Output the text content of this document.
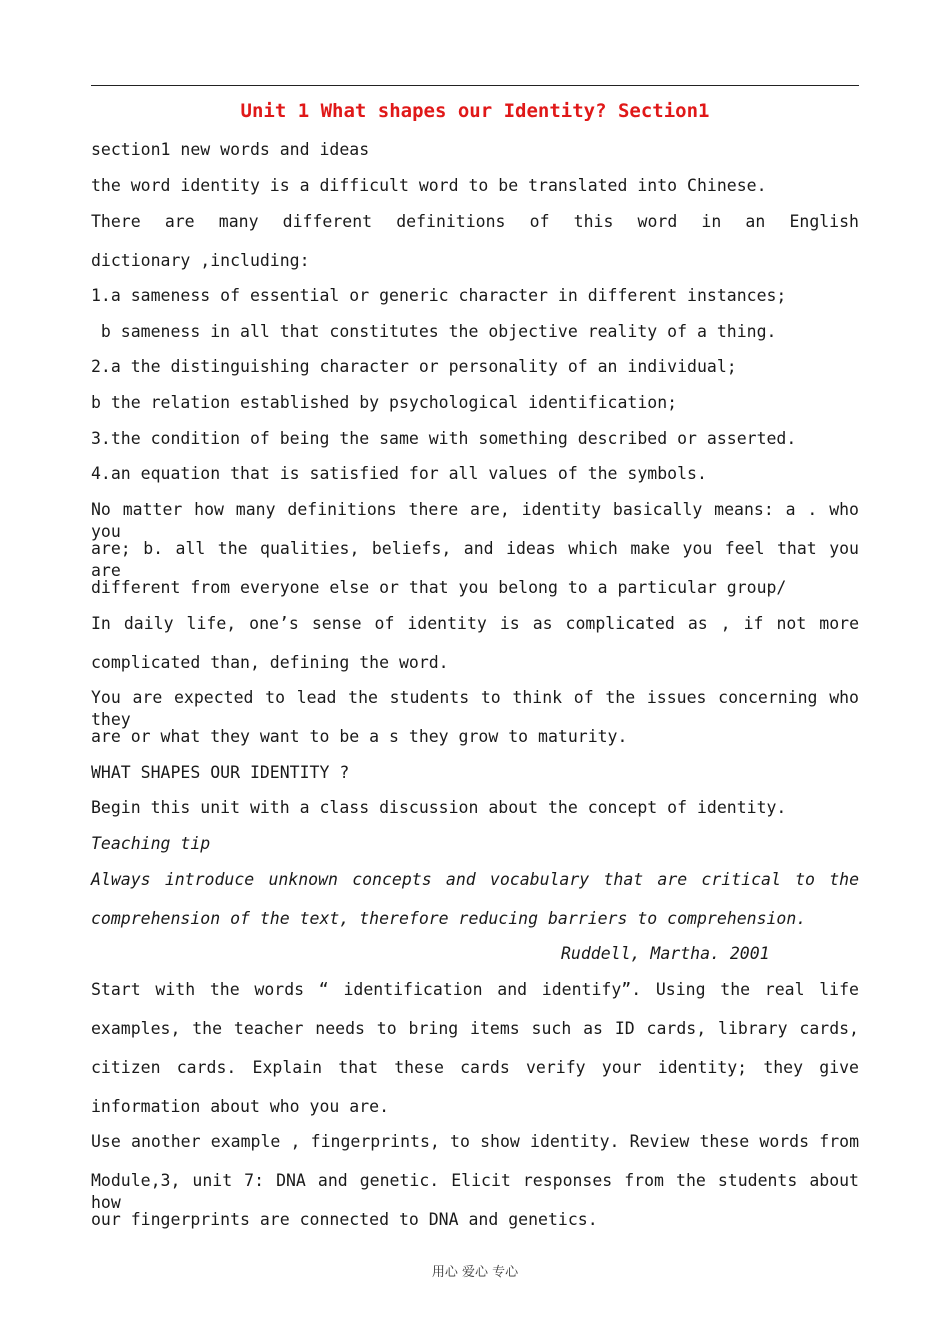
Unit 1 What shapes our Identity? Section1
section1 new words and ideas
the word identity is a difficult word to be translated into Chinese.
There are many different definitions of this word in an English
dictionary ,including:
1.a sameness of essential or generic character in different instances;
b sameness in all that constitutes the objective reality of a thing.
2.a the distinguishing character or personality of an individual;
b the relation established by psychological identification;
3.the condition of being the same with something described or asserted.
4.an equation that is satisfied for all values of the symbols.
No matter how many definitions there are, identity basically means: a . who you
are; b. all the qualities, beliefs, and ideas which make you feel that you are
different from everyone else or that you belong to a particular group/
In daily life, one’s sense of identity is as complicated as , if not more
complicated than, defining the word.
You are expected to lead the students to think of the issues concerning who they
are or what they want to be a s they grow to maturity.
WHAT SHAPES OUR IDENTITY ?
Begin this unit with a class discussion about the concept of identity.
Teaching tip
Always introduce unknown concepts and vocabulary that are critical to the
comprehension of the text, therefore reducing barriers to comprehension.
Ruddell, Martha. 2001
Start with the words “ identification and identify”. Using the real life
examples, the teacher needs to bring items such as ID cards, library cards,
citizen cards. Explain that these cards verify your identity; they give
information about who you are.
Use another example , fingerprints, to show identity. Review these words from
Module,3, unit 7: DNA and genetic. Elicit responses from the students about how
our fingerprints are connected to DNA and genetics.
用心 爱心 专心
